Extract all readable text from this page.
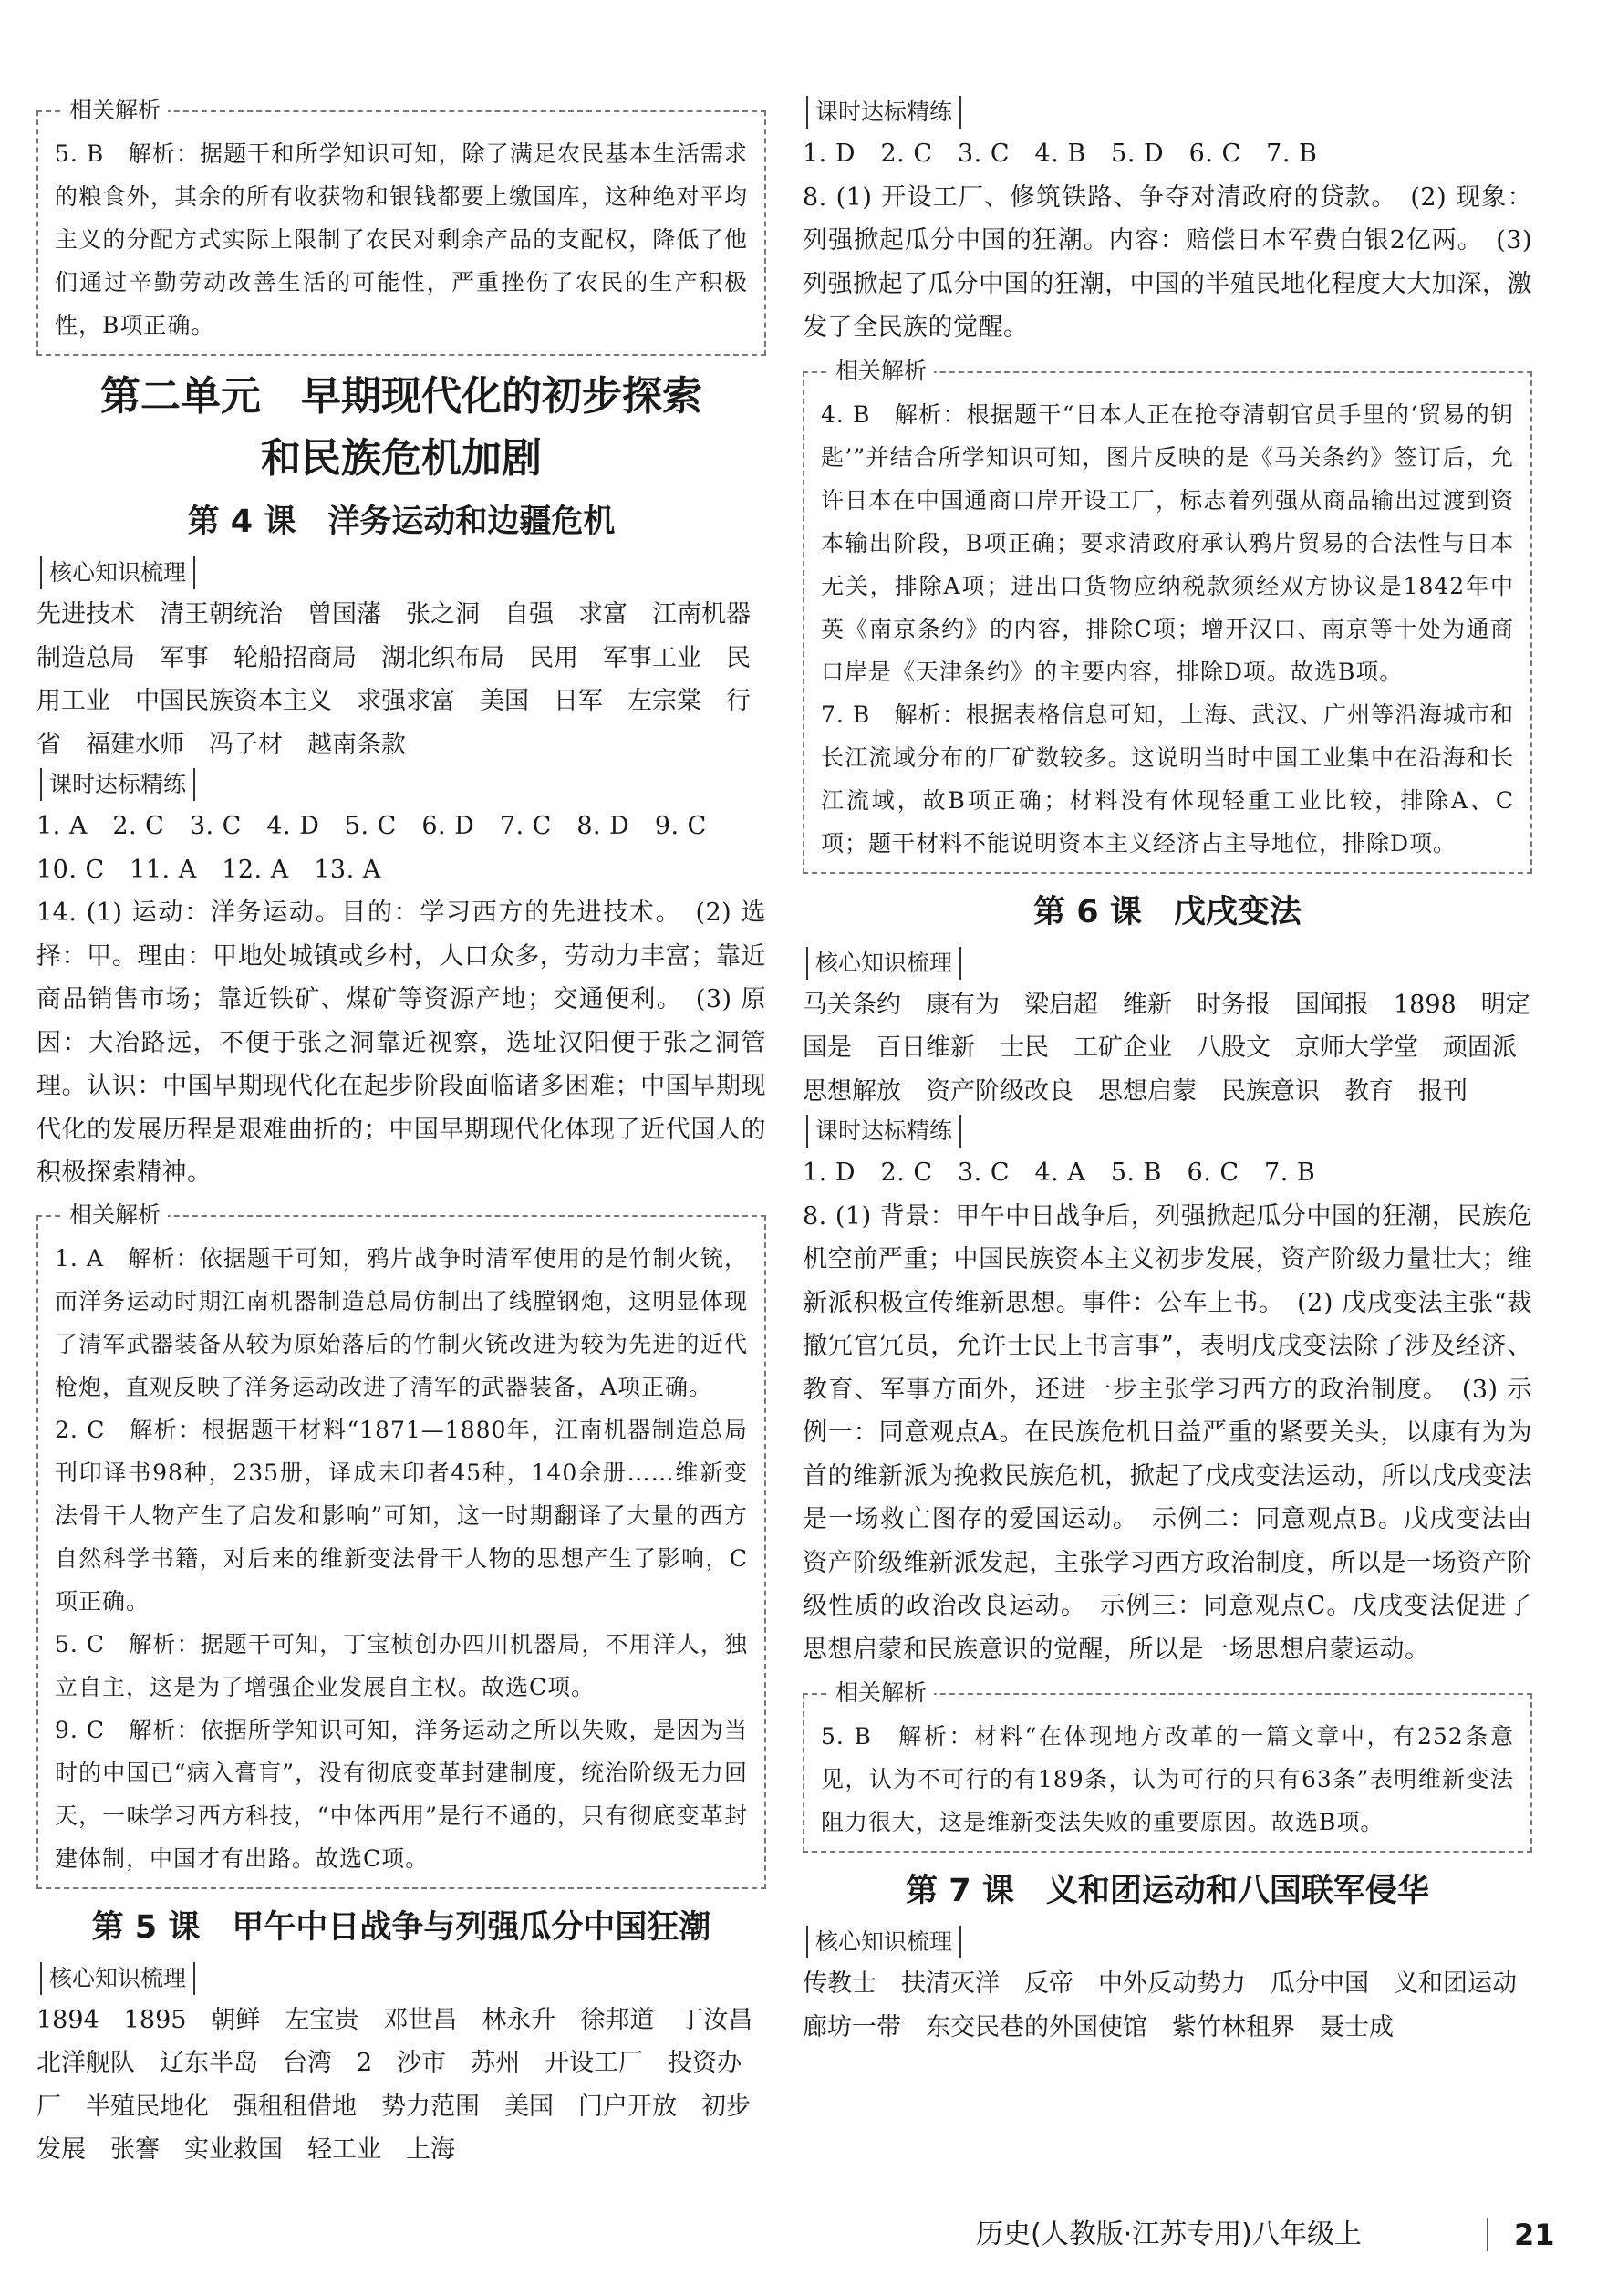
相关解析

5. B　解析：据题干和所学知识可知，除了满足农民基本生活需求的粮食外，其余的所有收获物和银钱都要上缴国库，这种绝对平均主义的分配方式实际上限制了农民对剩余产品的支配权，降低了他们通过辛勤劳动改善生活的可能性，严重挫伤了农民的生产积极性，B项正确。

第二单元　早期现代化的初步探索
和民族危机加剧
第 4 课　洋务运动和边疆危机
核心知识梳理

先进技术　清王朝统治　曾国藩　张之洞　自强　求富　江南机器制造总局　军事　轮船招商局　湖北织布局　民用　军事工业　民用工业　中国民族资本主义　求强求富　美国　日军　左宗棠　行省　福建水师　冯子材　越南条款

课时达标精练

1. A　2. C　3. C　4. D　5. C　6. D　7. C　8. D　9. C

10. C　11. A　12. A　13. A

14. (1) 运动：洋务运动。目的：学习西方的先进技术。　(2) 选择：甲。理由：甲地处城镇或乡村，人口众多，劳动力丰富；靠近商品销售市场；靠近铁矿、煤矿等资源产地；交通便利。　(3) 原因：大冶路远，不便于张之洞靠近视察，选址汉阳便于张之洞管理。认识：中国早期现代化在起步阶段面临诸多困难；中国早期现代化的发展历程是艰难曲折的；中国早期现代化体现了近代国人的积极探索精神。

相关解析

1. A　解析：依据题干可知，鸦片战争时清军使用的是竹制火铳，而洋务运动时期江南机器制造总局仿制出了线膛钢炮，这明显体现了清军武器装备从较为原始落后的竹制火铳改进为较为先进的近代枪炮，直观反映了洋务运动改进了清军的武器装备，A项正确。

2. C　解析：根据题干材料“1871—1880年，江南机器制造总局刊印译书98种，235册，译成未印者45种，140余册……维新变法骨干人物产生了启发和影响”可知，这一时期翻译了大量的西方自然科学书籍，对后来的维新变法骨干人物的思想产生了影响，C项正确。

5. C　解析：据题干可知，丁宝桢创办四川机器局，不用洋人，独立自主，这是为了增强企业发展自主权。故选C项。

9. C　解析：依据所学知识可知，洋务运动之所以失败，是因为当时的中国已“病入膏肓”，没有彻底变革封建制度，统治阶级无力回天，一味学习西方科技，“中体西用”是行不通的，只有彻底变革封建体制，中国才有出路。故选C项。

第 5 课　甲午中日战争与列强瓜分中国狂潮
核心知识梳理

1894　1895　朝鲜　左宝贵　邓世昌　林永升　徐邦道　丁汝昌　北洋舰队　辽东半岛　台湾　2　沙市　苏州　开设工厂　投资办厂　半殖民地化　强租租借地　势力范围　美国　门户开放　初步发展　张謇　实业救国　轻工业　上海

课时达标精练

1. D　2. C　3. C　4. B　5. D　6. C　7. B

8. (1) 开设工厂、修筑铁路、争夺对清政府的贷款。　(2) 现象：列强掀起瓜分中国的狂潮。内容：赔偿日本军费白银2亿两。　(3) 列强掀起了瓜分中国的狂潮，中国的半殖民地化程度大大加深，激发了全民族的觉醒。

相关解析

4. B　解析：根据题干“日本人正在抢夺清朝官员手里的‘贸易的钥匙’”并结合所学知识可知，图片反映的是《马关条约》签订后，允许日本在中国通商口岸开设工厂，标志着列强从商品输出过渡到资本输出阶段，B项正确；要求清政府承认鸦片贸易的合法性与日本无关，排除A项；进出口货物应纳税款须经双方协议是1842年中英《南京条约》的内容，排除C项；增开汉口、南京等十处为通商口岸是《天津条约》的主要内容，排除D项。故选B项。

7. B　解析：根据表格信息可知，上海、武汉、广州等沿海城市和长江流域分布的厂矿数较多。这说明当时中国工业集中在沿海和长江流域，故B项正确；材料没有体现轻重工业比较，排除A、C项；题干材料不能说明资本主义经济占主导地位，排除D项。

第 6 课　戊戌变法
核心知识梳理

马关条约　康有为　梁启超　维新　时务报　国闻报　1898　明定国是　百日维新　士民　工矿企业　八股文　京师大学堂　顽固派　思想解放　资产阶级改良　思想启蒙　民族意识　教育　报刊

课时达标精练

1. D　2. C　3. C　4. A　5. B　6. C　7. B

8. (1) 背景：甲午中日战争后，列强掀起瓜分中国的狂潮，民族危机空前严重；中国民族资本主义初步发展，资产阶级力量壮大；维新派积极宣传维新思想。事件：公车上书。　(2) 戊戌变法主张“裁撤冗官冗员，允许士民上书言事”，表明戊戌变法除了涉及经济、教育、军事方面外，还进一步主张学习西方的政治制度。　(3) 示例一：同意观点A。在民族危机日益严重的紧要关头，以康有为为首的维新派为挽救民族危机，掀起了戊戌变法运动，所以戊戌变法是一场救亡图存的爱国运动。　示例二：同意观点B。戊戌变法由资产阶级维新派发起，主张学习西方政治制度，所以是一场资产阶级性质的政治改良运动。　示例三：同意观点C。戊戌变法促进了思想启蒙和民族意识的觉醒，所以是一场思想启蒙运动。

相关解析

5. B　解析：材料“在体现地方改革的一篇文章中，有252条意见，认为不可行的有189条，认为可行的只有63条”表明维新变法阻力很大，这是维新变法失败的重要原因。故选B项。

第 7 课　义和团运动和八国联军侵华
核心知识梳理

传教士　扶清灭洋　反帝　中外反动势力　瓜分中国　义和团运动　廊坊一带　东交民巷的外国使馆　紫竹林租界　聂士成

历史(人教版·江苏专用)八年级上	21
